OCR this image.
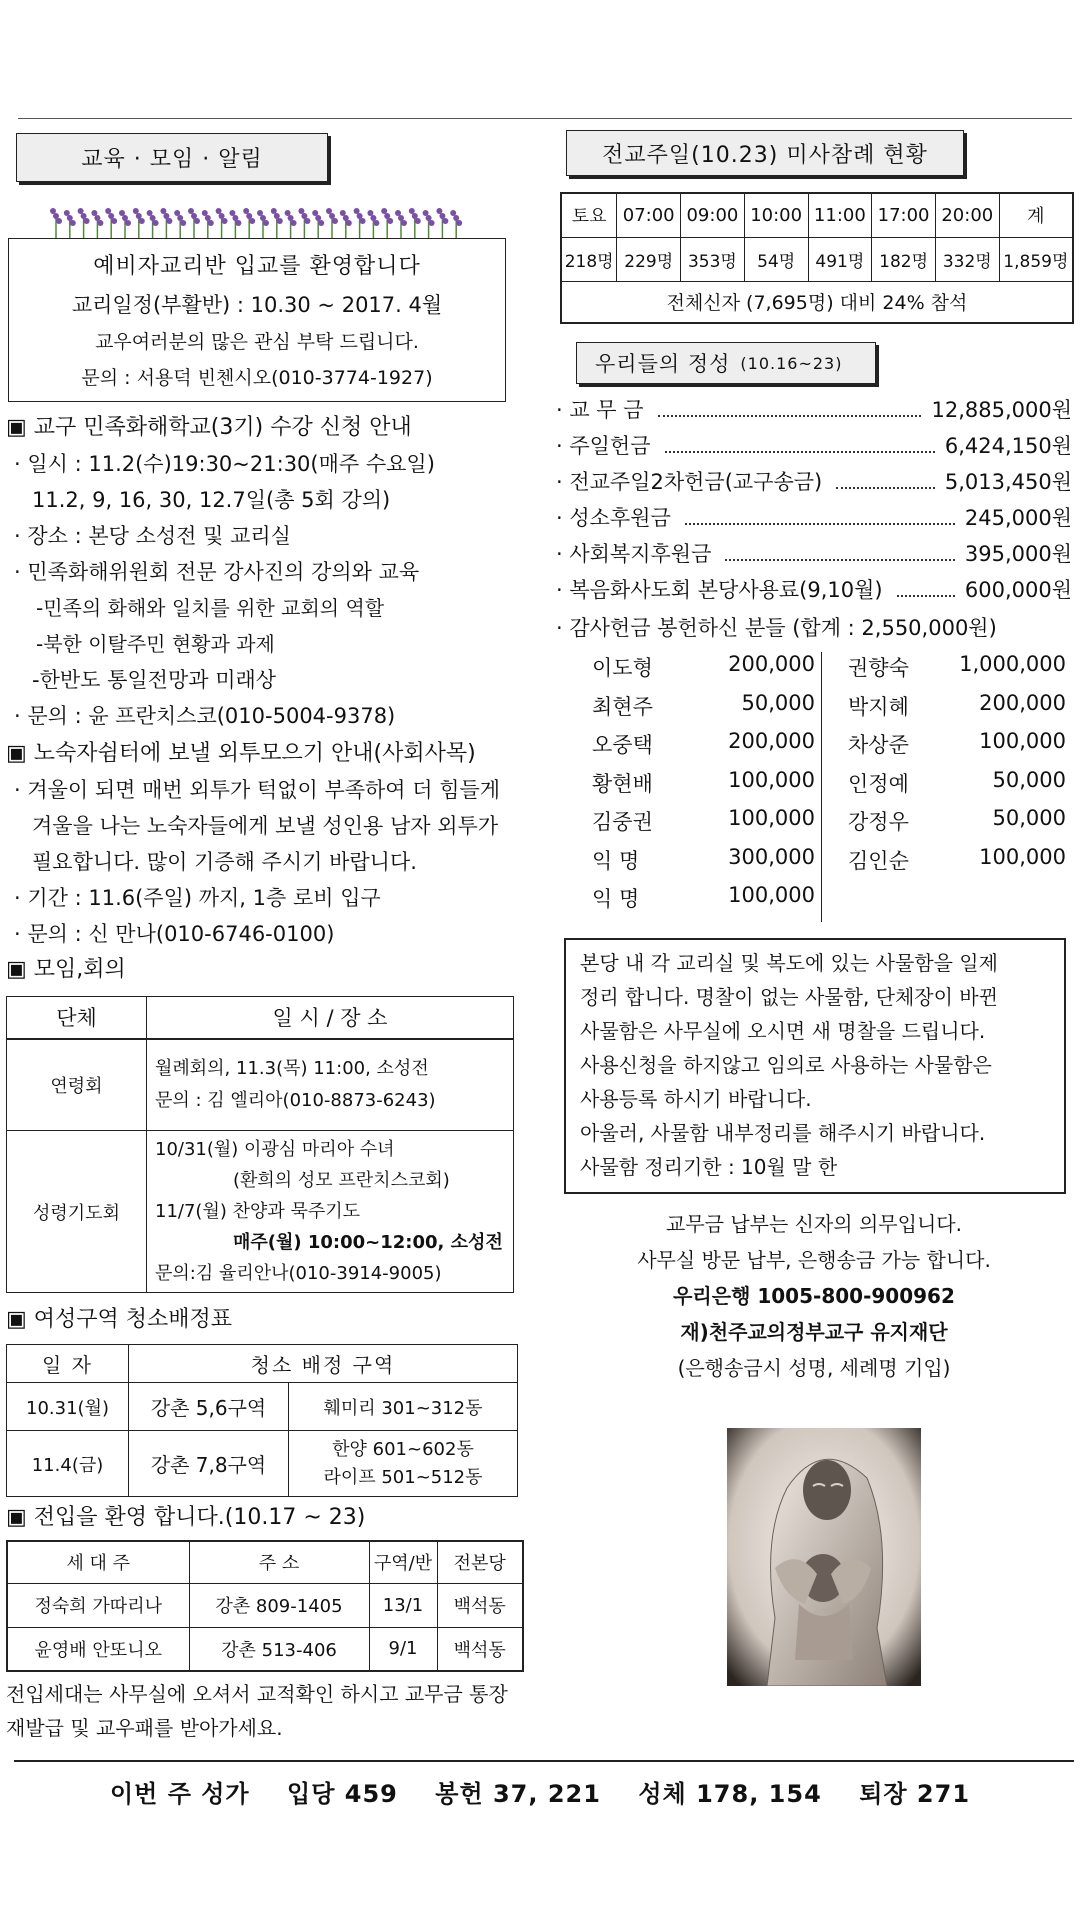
교육 · 모임 · 알림
예비자교리반 입교를 환영합니다
교리일정(부활반) : 10.30 ~ 2017. 4월
교우여러분의 많은 관심 부탁 드립니다.
문의 : 서용덕 빈첸시오(010-3774-1927)
▣ 교구 민족화해학교(3기) 수강 신청 안내
· 일시 : 11.2(수)19:30~21:30(매주 수요일)
11.2, 9, 16, 30, 12.7일(총 5회 강의)
· 장소 : 본당 소성전 및 교리실
· 민족화해위원회 전문 강사진의 강의와 교육
-민족의 화해와 일치를 위한 교회의 역할
-북한 이탈주민 현황과 과제
-한반도 통일전망과 미래상
· 문의 : 윤 프란치스코(010-5004-9378)
▣ 노숙자쉼터에 보낼 외투모으기 안내(사회사목)
· 겨울이 되면 매번 외투가 턱없이 부족하여 더 힘들게
겨울을 나는 노숙자들에게 보낼 성인용 남자 외투가
필요합니다. 많이 기증해 주시기 바랍니다.
· 기간 : 11.6(주일) 까지, 1층 로비 입구
· 문의 : 신 만나(010-6746-0100)
▣ 모임,회의
단체	일 시 / 장 소
연령회	월례회의, 11.3(목) 11:00, 소성전
문의 : 김 엘리아(010-8873-6243)

성령기도회	10/31(월) 이광심 마리아 수녀
(환희의 성모 프란치스코회)
11/7(월) 찬양과 묵주기도
매주(월) 10:00~12:00, 소성전
문의:김 율리안나(010-3914-9005)
▣ 여성구역 청소배정표
일 자	청소 배정 구역	
10.31(월)	강촌 5,6구역	훼미리 301~312동
11.4(금)	강촌 7,8구역	한양 601~602동
라이프 501~512동
▣ 전입을 환영 합니다.(10.17 ~ 23)
세 대 주	주 소	구역/반	전본당
정숙희 가따리나	강촌 809-1405	13/1	백석동
윤영배 안또니오	강촌 513-406	9/1	백석동
전입세대는 사무실에 오셔서 교적확인 하시고 교무금 통장
재발급 및 교우패를 받아가세요.
전교주일(10.23) 미사참례 현황
토요	07:00	09:00	10:00	11:00	17:00	20:00	계
218명	229명	353명	54명	491명	182명	332명	1,859명
전체신자 (7,695명) 대비 24% 참석							
우리들의 정성 (10.16~23)
· 교 무 금	12,885,000원
· 주일헌금	6,424,150원
· 전교주일2차헌금(교구송금)	5,013,450원
· 성소후원금	245,000원
· 사회복지후원금	395,000원
· 복음화사도회 본당사용료(9,10월)	600,000원
· 감사헌금 봉헌하신 분들 (합계 : 2,550,000원)
이도형	200,000
최현주	50,000
오중택	200,000
황현배	100,000
김중권	100,000
익 명	300,000
익 명	100,000
권향숙 1,000,000
박지혜	200,000
차상준	100,000
인정예	50,000
강정우	50,000
김인순	100,000
본당 내 각 교리실 및 복도에 있는 사물함을 일제
정리 합니다. 명찰이 없는 사물함, 단체장이 바뀐
사물함은 사무실에 오시면 새 명찰을 드립니다.
사용신청을 하지않고 임의로 사용하는 사물함은
사용등록 하시기 바랍니다.
아울러, 사물함 내부정리를 해주시기 바랍니다.
사물함 정리기한 : 10월 말 한
교무금 납부는 신자의 의무입니다.
사무실 방문 납부, 은행송금 가능 합니다.
우리은행 1005-800-900962
재)천주교의정부교구 유지재단
(은행송금시 성명, 세례명 기입)
이번 주 성가    입당 459    봉헌 37, 221    성체 178, 154    퇴장 271
